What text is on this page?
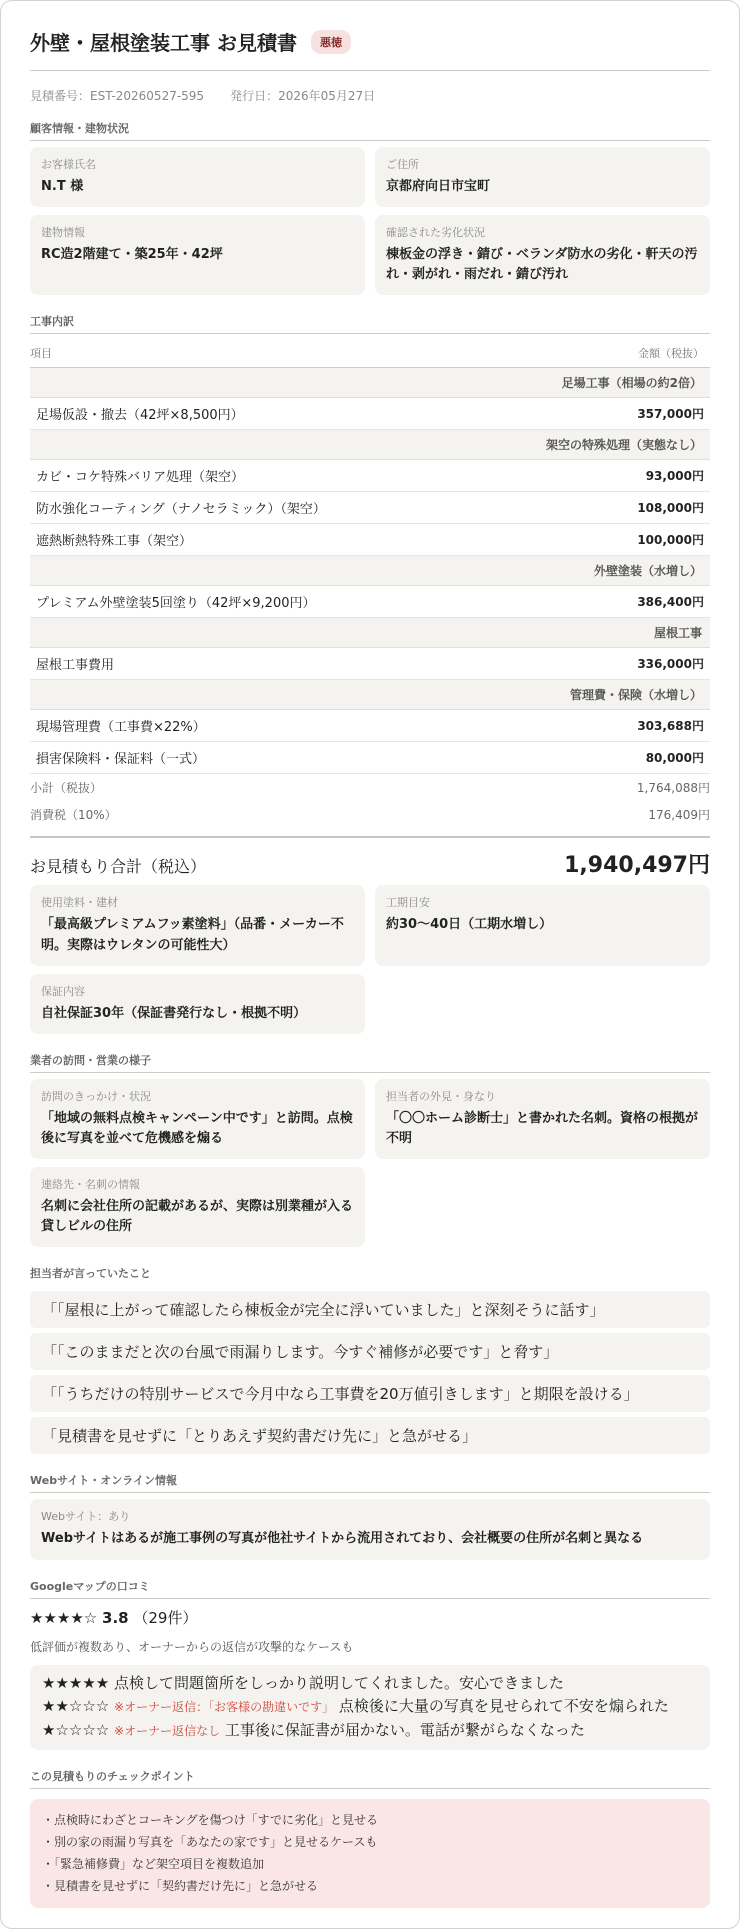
外壁・屋根塗装工事 お見積書	悪徳
見積番号：EST-20260527-595 発行日：2026年05月27日
顧客情報・建物状況
お客様氏名
N.T 様
ご住所
京都府向日市宝町
建物情報
RC造2階建て・築25年・42坪
確認された劣化状況
棟板金の浮き・錆び・ベランダ防水の劣化・軒天の汚れ・剥がれ・雨だれ・錆び汚れ
工事内訳
項目	金額（税抜）
足場工事（相場の約2倍）	
足場仮設・撤去（42坪×8,500円）	357,000円
架空の特殊処理（実態なし）	
カビ・コケ特殊バリア処理（架空）	93,000円
防水強化コーティング（ナノセラミック）（架空）	108,000円
遮熱断熱特殊工事（架空）	100,000円
外壁塗装（水増し）	
プレミアム外壁塗装5回塗り（42坪×9,200円）	386,400円
屋根工事	
屋根工事費用	336,000円
管理費・保険（水増し）	
現場管理費（工事費×22%）	303,688円
損害保険料・保証料（一式）	80,000円
小計（税抜）	1,764,088円
消費税（10%）	176,409円
お見積もり合計（税込）	1,940,497円
使用塗料・建材
「最高級プレミアムフッ素塗料」（品番・メーカー不明。実際はウレタンの可能性大）
工期目安
約30〜40日（工期水増し）
保証内容
自社保証30年（保証書発行なし・根拠不明）
業者の訪問・営業の様子
訪問のきっかけ・状況
「地域の無料点検キャンペーン中です」と訪問。点検後に写真を並べて危機感を煽る
担当者の外見・身なり
「〇〇ホーム診断士」と書かれた名刺。資格の根拠が不明
連絡先・名刺の情報
名刺に会社住所の記載があるが、実際は別業種が入る貸しビルの住所
担当者が言っていたこと
「「屋根に上がって確認したら棟板金が完全に浮いていました」と深刻そうに話す」
「「このままだと次の台風で雨漏りします。今すぐ補修が必要です」と脅す」
「「うちだけの特別サービスで今月中なら工事費を20万値引きします」と期限を設ける」
「見積書を見せずに「とりあえず契約書だけ先に」と急がせる」
Webサイト・オンライン情報
Webサイト：あり
Webサイトはあるが施工事例の写真が他社サイトから流用されており、会社概要の住所が名刺と異なる
Googleマップの口コミ
★★★★☆ 3.8 （29件）
低評価が複数あり、オーナーからの返信が攻撃的なケースも
★★★★★ 点検して問題箇所をしっかり説明してくれました。安心できました
★★☆☆☆ ※オーナー返信：「お客様の勘違いです」 点検後に大量の写真を見せられて不安を煽られた
★☆☆☆☆ ※オーナー返信なし 工事後に保証書が届かない。電話が繋がらなくなった
この見積もりのチェックポイント
・点検時にわざとコーキングを傷つけ「すでに劣化」と見せる
・別の家の雨漏り写真を「あなたの家です」と見せるケースも
・「緊急補修費」など架空項目を複数追加
・見積書を見せずに「契約書だけ先に」と急がせる
